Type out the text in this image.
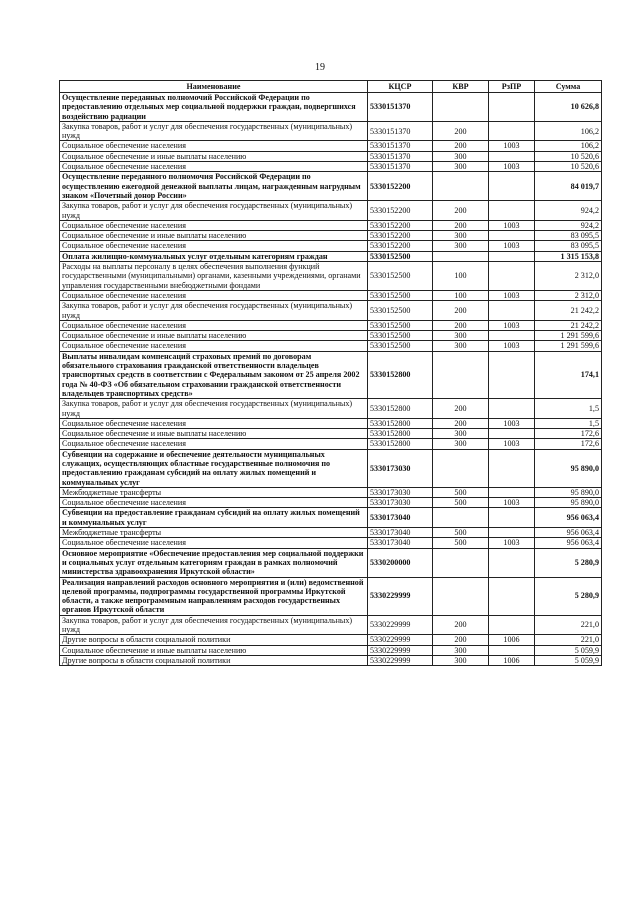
19
Наименование	КЦСР	КВР	РзПР	Сумма
Осуществление переданных полномочий Российской Федерации по предоставлению отдельных мер социальной поддержки граждан, подвергшихся воздействию радиации	5330151370			10 626,8
Закупка товаров, работ и услуг для обеспечения государственных (муниципальных) нужд	5330151370	200		106,2
Социальное обеспечение населения	5330151370	200	1003	106,2
Социальное обеспечение и иные выплаты населению	5330151370	300		10 520,6
Социальное обеспечение населения	5330151370	300	1003	10 520,6
Осуществление переданного полномочия Российской Федерации по осуществлению ежегодной денежной выплаты лицам, награжденным нагрудным знаком «Почетный донор России»	5330152200			84 019,7
Закупка товаров, работ и услуг для обеспечения государственных (муниципальных) нужд	5330152200	200		924,2
Социальное обеспечение населения	5330152200	200	1003	924,2
Социальное обеспечение и иные выплаты населению	5330152200	300		83 095,5
Социальное обеспечение населения	5330152200	300	1003	83 095,5
Оплата жилищно-коммунальных услуг отдельным категориям граждан	5330152500			1 315 153,8
Расходы на выплаты персоналу в целях обеспечения выполнения функций государственными (муниципальными) органами, казенными учреждениями, органами управления государственными внебюджетными фондами	5330152500	100		2 312,0
Социальное обеспечение населения	5330152500	100	1003	2 312,0
Закупка товаров, работ и услуг для обеспечения государственных (муниципальных) нужд	5330152500	200		21 242,2
Социальное обеспечение населения	5330152500	200	1003	21 242,2
Социальное обеспечение и иные выплаты населению	5330152500	300		1 291 599,6
Социальное обеспечение населения	5330152500	300	1003	1 291 599,6
Выплаты инвалидам компенсаций страховых премий по договорам обязательного страхования гражданской ответственности владельцев транспортных средств в соответствии с Федеральным законом от 25 апреля 2002 года № 40-ФЗ «Об обязательном страховании гражданской ответственности владельцев транспортных средств»	5330152800			174,1
Закупка товаров, работ и услуг для обеспечения государственных (муниципальных) нужд	5330152800	200		1,5
Социальное обеспечение населения	5330152800	200	1003	1,5
Социальное обеспечение и иные выплаты населению	5330152800	300		172,6
Социальное обеспечение населения	5330152800	300	1003	172,6
Субвенции на содержание и обеспечение деятельности муниципальных служащих, осуществляющих областные государственные полномочия по предоставлению гражданам субсидий на оплату жилых помещений и коммунальных услуг	5330173030			95 890,0
Межбюджетные трансферты	5330173030	500		95 890,0
Социальное обеспечение населения	5330173030	500	1003	95 890,0
Субвенции на предоставление гражданам субсидий на оплату жилых помещений и коммунальных услуг	5330173040			956 063,4
Межбюджетные трансферты	5330173040	500		956 063,4
Социальное обеспечение населения	5330173040	500	1003	956 063,4
Основное мероприятие «Обеспечение предоставления мер социальной поддержки и социальных услуг отдельным категориям граждан в рамках полномочий министерства здравоохранения Иркутской области»	5330200000			5 280,9
Реализация направлений расходов основного мероприятия и (или) ведомственной целевой программы, подпрограммы государственной программы Иркутской области, а также непрограммным направлениям расходов государственных органов Иркутской области	5330229999			5 280,9
Закупка товаров, работ и услуг для обеспечения государственных (муниципальных) нужд	5330229999	200		221,0
Другие вопросы в области социальной политики	5330229999	200	1006	221,0
Социальное обеспечение и иные выплаты населению	5330229999	300		5 059,9
Другие вопросы в области социальной политики	5330229999	300	1006	5 059,9
